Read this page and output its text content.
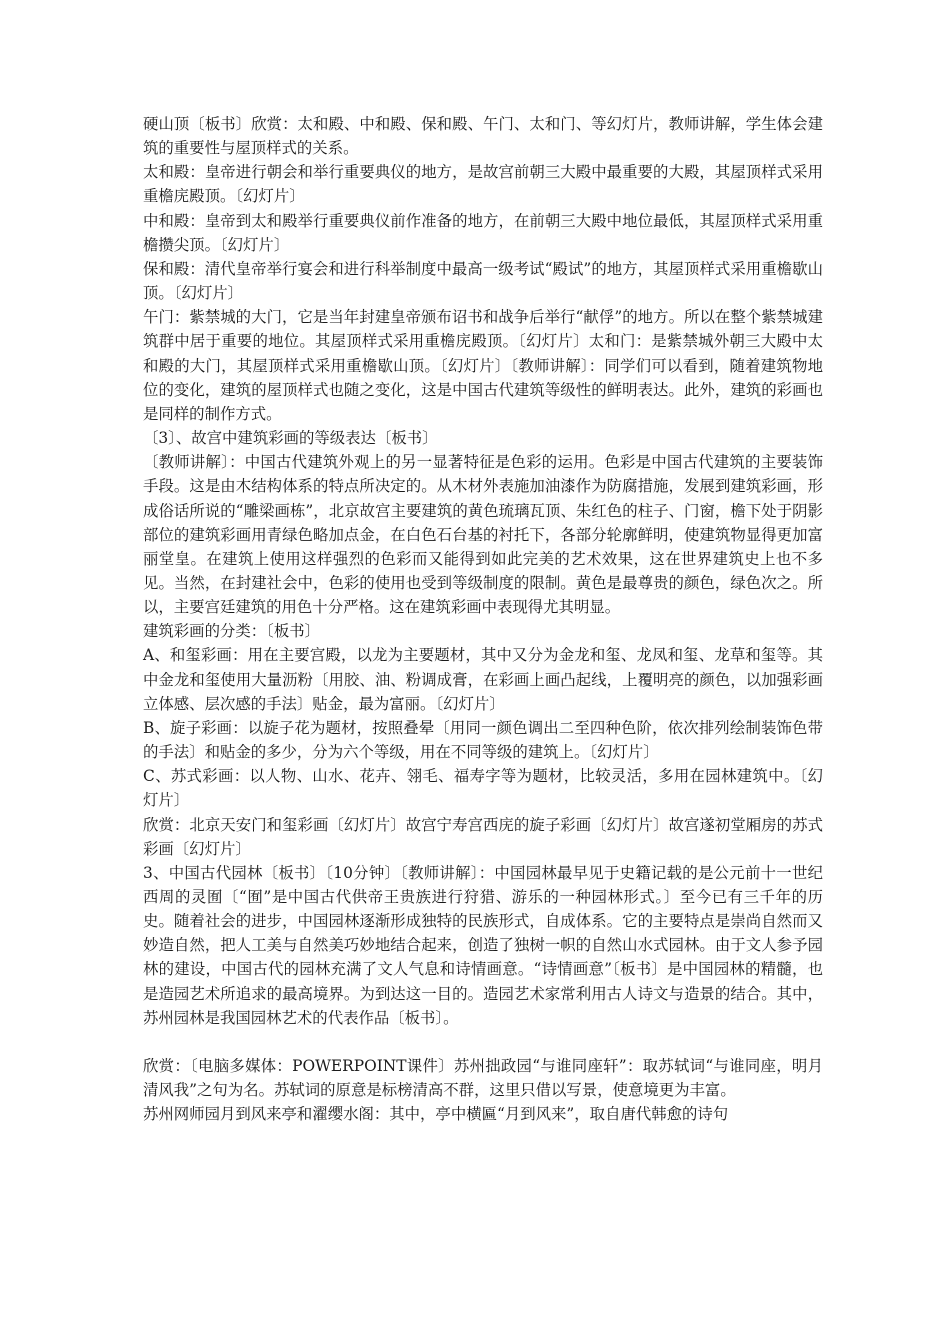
硬山顶〔板书〕欣赏：太和殿、中和殿、保和殿、午门、太和门、等幻灯片，教师讲解，学生体会建筑的重要性与屋顶样式的关系。

太和殿：皇帝进行朝会和举行重要典仪的地方，是故宫前朝三大殿中最重要的大殿，其屋顶样式采用重檐庑殿顶。〔幻灯片〕

中和殿：皇帝到太和殿举行重要典仪前作准备的地方，在前朝三大殿中地位最低，其屋顶样式采用重檐攒尖顶。〔幻灯片〕

保和殿：清代皇帝举行宴会和进行科举制度中最高一级考试“殿试”的地方，其屋顶样式采用重檐歇山顶。〔幻灯片〕

午门：紫禁城的大门，它是当年封建皇帝颁布诏书和战争后举行“献俘”的地方。所以在整个紫禁城建筑群中居于重要的地位。其屋顶样式采用重檐庑殿顶。〔幻灯片〕太和门：是紫禁城外朝三大殿中太和殿的大门，其屋顶样式采用重檐歇山顶。〔幻灯片〕〔教师讲解〕：同学们可以看到，随着建筑物地位的变化，建筑的屋顶样式也随之变化，这是中国古代建筑等级性的鲜明表达。此外，建筑的彩画也是同样的制作方式。

〔3〕、故宫中建筑彩画的等级表达〔板书〕

〔教师讲解〕：中国古代建筑外观上的另一显著特征是色彩的运用。色彩是中国古代建筑的主要装饰手段。这是由木结构体系的特点所决定的。从木材外表施加油漆作为防腐措施，发展到建筑彩画，形成俗话所说的“雕梁画栋”，北京故宫主要建筑的黄色琉璃瓦顶、朱红色的柱子、门窗，檐下处于阴影部位的建筑彩画用青绿色略加点金，在白色石台基的衬托下，各部分轮廓鲜明，使建筑物显得更加富丽堂皇。在建筑上使用这样强烈的色彩而又能得到如此完美的艺术效果，这在世界建筑史上也不多见。当然，在封建社会中，色彩的使用也受到等级制度的限制。黄色是最尊贵的颜色，绿色次之。所以，主要宫廷建筑的用色十分严格。这在建筑彩画中表现得尤其明显。

建筑彩画的分类：〔板书〕

A、和玺彩画：用在主要宫殿，以龙为主要题材，其中又分为金龙和玺、龙凤和玺、龙草和玺等。其中金龙和玺使用大量沥粉〔用胶、油、粉调成膏，在彩画上画凸起线，上覆明亮的颜色，以加强彩画立体感、层次感的手法〕贴金，最为富丽。〔幻灯片〕

B、旋子彩画：以旋子花为题材，按照叠晕〔用同一颜色调出二至四种色阶，依次排列绘制装饰色带的手法〕和贴金的多少，分为六个等级，用在不同等级的建筑上。〔幻灯片〕

C、苏式彩画：以人物、山水、花卉、翎毛、福寿字等为题材，比较灵活，多用在园林建筑中。〔幻灯片〕

欣赏：北京天安门和玺彩画〔幻灯片〕故宫宁寿宫西庑的旋子彩画〔幻灯片〕故宫遂初堂厢房的苏式彩画〔幻灯片〕

3、中国古代园林〔板书〕〔10分钟〕〔教师讲解〕：中国园林最早见于史籍记载的是公元前十一世纪西周的灵囿〔“囿”是中国古代供帝王贵族进行狩猎、游乐的一种园林形式。〕至今已有三千年的历史。随着社会的进步，中国园林逐渐形成独特的民族形式，自成体系。它的主要特点是崇尚自然而又妙造自然，把人工美与自然美巧妙地结合起来，创造了独树一帜的自然山水式园林。由于文人参予园林的建设，中国古代的园林充满了文人气息和诗情画意。“诗情画意”〔板书〕是中国园林的精髓，也是造园艺术所追求的最高境界。为到达这一目的。造园艺术家常利用古人诗文与造景的结合。其中，苏州园林是我国园林艺术的代表作品〔板书〕。

欣赏：〔电脑多媒体：POWERPOINT课件〕苏州拙政园“与谁同座轩”：取苏轼词“与谁同座，明月清风我”之句为名。苏轼词的原意是标榜清高不群，这里只借以写景，使意境更为丰富。

苏州网师园月到风来亭和濯缨水阁：其中，亭中横匾“月到风来”，取自唐代韩愈的诗句
